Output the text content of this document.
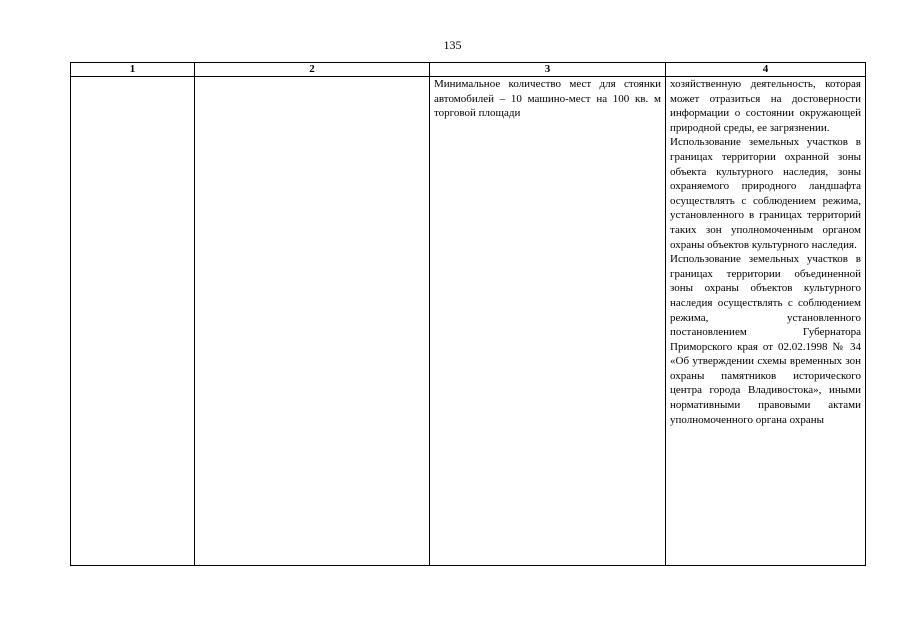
135
1	2	3	4

		Минимальное количество мест для стоянки автомобилей – 10 машино-мест на 100 кв. м торговой площади	хозяйственную деятельность, которая может отразиться на достоверности информации о состоянии окружающей природной среды, ее загрязнении.
Использование земельных участков в границах территории охранной зоны объекта культурного наследия, зоны охраняемого природного ландшафта осуществлять с соблюдением режима, установленного в границах территорий таких зон уполномоченным органом охраны объектов культурного наследия.
Использование земельных участков в границах территории объединенной зоны охраны объектов культурного наследия осуществлять с соблюдением режима, установленного постановлением Губернатора Приморского края от 02.02.1998 № 34 «Об утверждении схемы временных зон охраны памятников исторического центра города Владивостока», иными нормативными правовыми актами уполномоченного органа охраны
